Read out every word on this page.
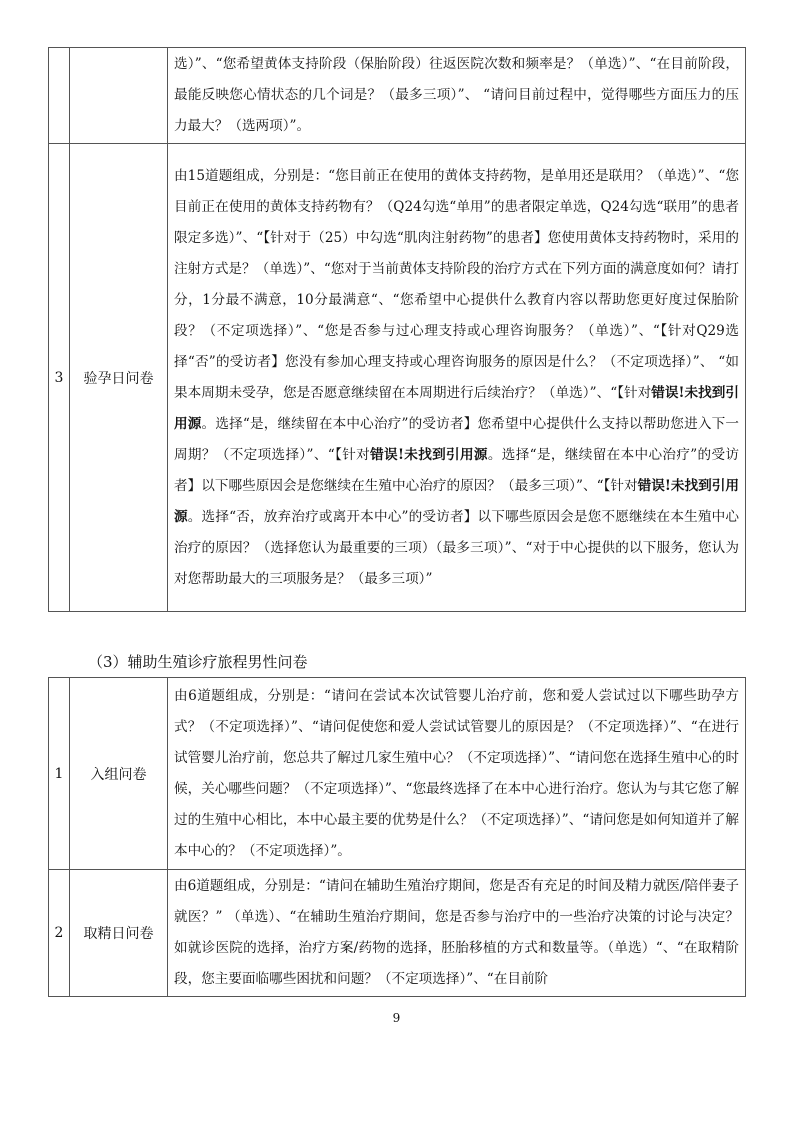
		选）”、“您希望黄体支持阶段（保胎阶段）往返医院次数和频率是？（单选）”、“在目前阶段，最能反映您心情状态的几个词是？（最多三项）”、 “请问目前过程中，觉得哪些方面压力的压力最大？（选两项）”。
3	验孕日问卷	由15道题组成，分别是：“您目前正在使用的黄体支持药物，是单用还是联用？（单选）”、“您目前正在使用的黄体支持药物有？（Q24勾选“单用”的患者限定单选，Q24勾选“联用”的患者限定多选）”、“【针对于（25）中勾选“肌肉注射药物”的患者】您使用黄体支持药物时，采用的注射方式是？（单选）”、“您对于当前黄体支持阶段的治疗方式在下列方面的满意度如何？请打分，1分最不满意，10分最满意“、“您希望中心提供什么教育内容以帮助您更好度过保胎阶段？（不定项选择）”、“您是否参与过心理支持或心理咨询服务？（单选）”、“【针对Q29选择“否”的受访者】您没有参加心理支持或心理咨询服务的原因是什么？（不定项选择）”、 “如果本周期未受孕，您是否愿意继续留在本周期进行后续治疗？（单选）”、“【针对错误!未找到引用源。选择“是，继续留在本中心治疗”的受访者】您希望中心提供什么支持以帮助您进入下一周期？（不定项选择）”、“【针对错误!未找到引用源。选择“是，继续留在本中心治疗”的受访者】以下哪些原因会是您继续在生殖中心治疗的原因？（最多三项）”、“【针对错误!未找到引用源。选择“否，放弃治疗或离开本中心”的受访者】以下哪些原因会是您不愿继续在本生殖中心治疗的原因？（选择您认为最重要的三项）（最多三项）”、“对于中心提供的以下服务，您认为对您帮助最大的三项服务是？（最多三项）”
（3）辅助生殖诊疗旅程男性问卷
1	入组问卷	由6道题组成，分别是：“请问在尝试本次试管婴儿治疗前，您和爱人尝试过以下哪些助孕方式？（不定项选择）”、“请问促使您和爱人尝试试管婴儿的原因是？（不定项选择）”、“在进行试管婴儿治疗前，您总共了解过几家生殖中心？（不定项选择）”、“请问您在选择生殖中心的时候，关心哪些问题？（不定项选择）”、“您最终选择了在本中心进行治疗。您认为与其它您了解过的生殖中心相比，本中心最主要的优势是什么？（不定项选择）”、“请问您是如何知道并了解本中心的？（不定项选择）”。
2	取精日问卷	由6道题组成，分别是：“请问在辅助生殖治疗期间，您是否有充足的时间及精力就医/陪伴妻子就医？” （单选）、“在辅助生殖治疗期间，您是否参与治疗中的一些治疗决策的讨论与决定？如就诊医院的选择，治疗方案/药物的选择，胚胎移植的方式和数量等。（单选）“、“在取精阶段，您主要面临哪些困扰和问题？（不定项选择）”、“在目前阶
9
